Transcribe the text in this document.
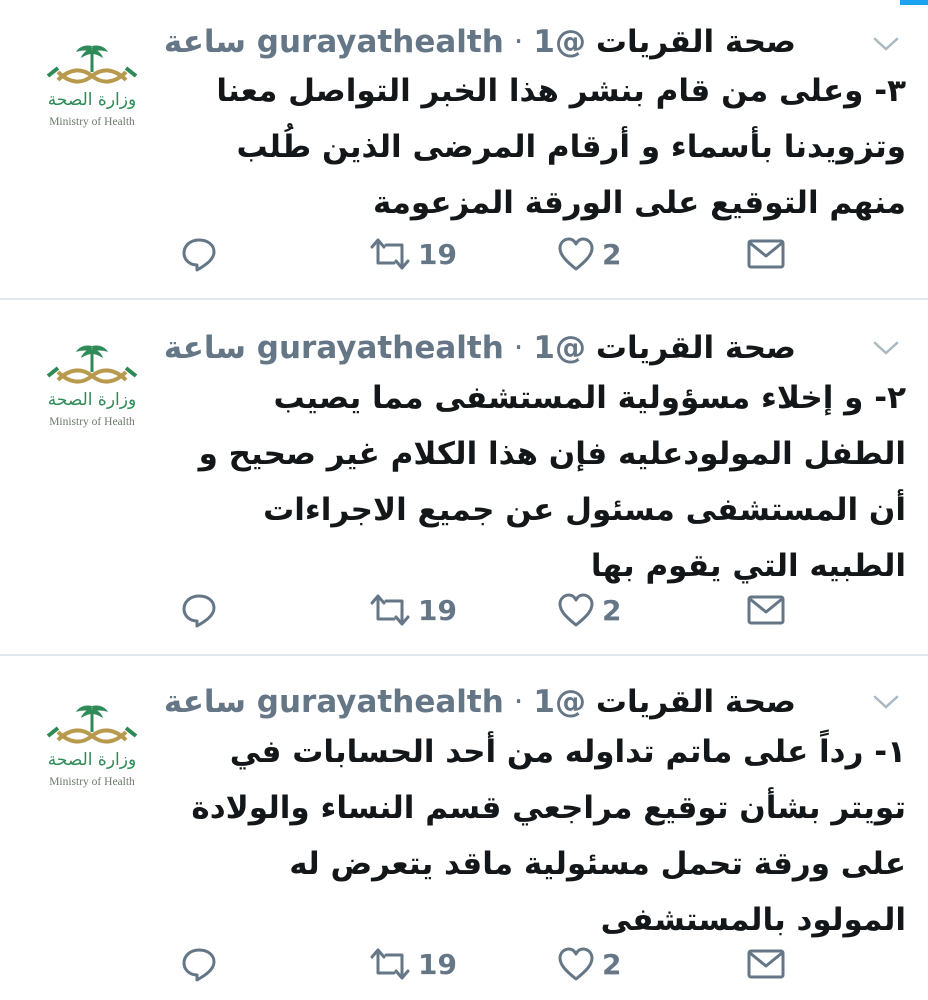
وزارة الصحة
Ministry of Health
صحة القريات @gurayathealth · 1 ساعة
٣- وعلى من قام بنشر هذا الخبر التواصل معنا وتزويدنا بأسماء و أرقام المرضى الذين طُلب منهم التوقيع على الورقة المزعومة
19	2
وزارة الصحة
Ministry of Health
صحة القريات @gurayathealth · 1 ساعة
٢- و إخلاء مسؤولية المستشفى مما يصيب الطفل المولودعليه فإن هذا الكلام غير صحيح و أن المستشفى مسئول عن جميع الاجراءات الطبيه التي يقوم بها
19	2
وزارة الصحة
Ministry of Health
صحة القريات @gurayathealth · 1 ساعة
١- رداً على ماتم تداوله من أحد الحسابات في تويتر بشأن توقيع مراجعي قسم النساء والولادة على ورقة تحمل مسئولية ماقد يتعرض له المولود بالمستشفى
19	2
